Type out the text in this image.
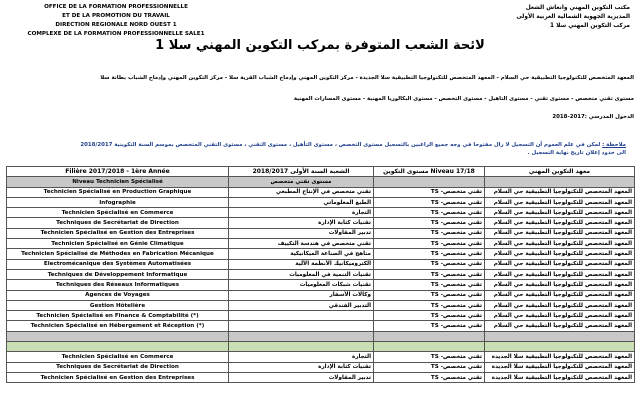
OFFICE DE LA FORMATION PROFESSIONNELLE
ET DE LA PROMOTION DU TRAVAIL
DIRECTION REGIONALE NORD OUEST 1
COMPLEXE DE LA FORMATION PROFESSIONNELLE SALE1
مكتب التكوين المهني وانعاش الشغل
المديرية الجهوية الشمالية الغربية الأولى
مركب التكوين المهني سلا 1
لائحة الشعب المتوفرة بمركب التكوين المهني سلا 1
المعهد المتخصص للتكنولوجيا التطبيقية حي السلام - المعهد المتخصص للتكنولوجيا التطبيقية سلا الجديدة - مركز التكوين المهني وإدماج الشباب القرية سلا - مركز التكوين المهني وإدماج الشباب بطانة سلا
مستوى تقني متخصص - مستوى تقني - مستوى التأهيل - مستوى التخصص - مستوى البكالوريا المهنية - مستوى المسارات المهنية
الدخول المدرسي :2017-2018
ملاحظة : لمكن في علم العموم أن التسجيل لا زال مفتوحا في وجه جميع الراغبين بالتسجيل مستوى التخصص ، مستوى التأهيل ، مستوى التقني ، مستوى التقني المتخصص بموسم السنة التكوينية 2018/2017
الى حدود إعلان تاريخ نهاية التسجيل .
Filière 2017/2018 - 1ère Année	الشعبة السنة الأولى 2018/2017	Niveau 17/18 مستوى التكوين	معهد التكوين المهني
Niveau Technicien Spécialisé	مستوى تقني متخصص		
Technicien Spécialisé en Production Graphique	تقني متخصص في الإنتاج المطبعي	تقني متخصص- TS	المعهد المتخصص للتكنولوجيا التطبيقية حي السلام
Infographie	الطبع المعلوماتي	تقني متخصص- TS	المعهد المتخصص للتكنولوجيا التطبيقية حي السلام
Technicien Spécialisé en Commerce	التجارة	تقني متخصص- TS	المعهد المتخصص للتكنولوجيا التطبيقية حي السلام
Techniques de Secrétariat de Direction	تقنيات كتابة الإدارة	تقني متخصص- TS	المعهد المتخصص للتكنولوجيا التطبيقية حي السلام
Technicien Spécialisé en Gestion des Entreprises	تدبير المقاولات	تقني متخصص- TS	المعهد المتخصص للتكنولوجيا التطبيقية حي السلام
Technicien Spécialisé en Génie Climatique	تقني متخصص في هندسة التكييف	تقني متخصص- TS	المعهد المتخصص للتكنولوجيا التطبيقية حي السلام
Technicien Spécialisé de Méthodes en Fabrication Mécanique	مناهج في الصناعة الميكانيكية	تقني متخصص- TS	المعهد المتخصص للتكنولوجيا التطبيقية حي السلام
Electromécanique des Systèmes Automatisées	الكتروميكانيك الأنظمة الآلية	تقني متخصص- TS	المعهد المتخصص للتكنولوجيا التطبيقية حي السلام
Techniques de Développement Informatique	تقنيات التنمية في المعلوميات	تقني متخصص- TS	المعهد المتخصص للتكنولوجيا التطبيقية حي السلام
Techniques des Réseaux Informatiques	تقنيات شبكات المعلوميات	تقني متخصص- TS	المعهد المتخصص للتكنولوجيا التطبيقية حي السلام
Agences de Voyages	وكالات الأسفار	تقني متخصص- TS	المعهد المتخصص للتكنولوجيا التطبيقية حي السلام
Gestion Hôtelière	التدبير الفندقي	تقني متخصص- TS	المعهد المتخصص للتكنولوجيا التطبيقية حي السلام
Technicien Spécialisé en Finance & Comptabilité (*)		تقني متخصص- TS	المعهد المتخصص للتكنولوجيا التطبيقية حي السلام
Technicien Spécialisé en Hébergement et Réception (*)		تقني متخصص- TS	المعهد المتخصص للتكنولوجيا التطبيقية حي السلام

Technicien Spécialisé en Commerce	التجارة	تقني متخصص- TS	المعهد المتخصص للتكنولوجيا التطبيقية سلا الجديدة
Techniques de Secrétariat de Direction	تقنيات كتابة الإدارة	تقني متخصص- TS	المعهد المتخصص للتكنولوجيا التطبيقية سلا الجديدة
Technicien Spécialisé en Gestion des Entreprises	تدبير المقاولات	تقني متخصص- TS	المعهد المتخصص للتكنولوجيا التطبيقية سلا الجديدة
